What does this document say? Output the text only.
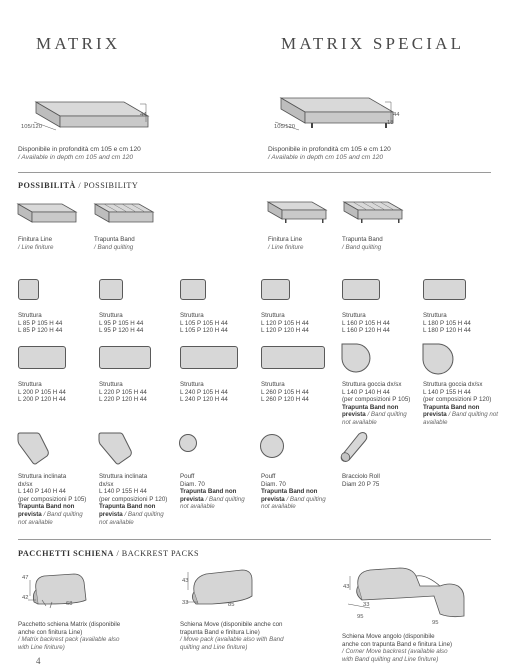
MATRIX	MATRIX SPECIAL
44
105/120
44
18
105/120
Disponibile in profondità cm 105 e cm 120
/ Available in depth cm 105 and cm 120
Disponibile in profondità cm 105 e cm 120
/ Available in depth cm 105 and cm 120
POSSIBILITÀ / POSSIBILITY
Finitura Line
/ Line finiture
Trapunta Band
/ Band quilting
Finitura Line
/ Line finiture
Trapunta Band
/ Band quilting
Struttura
L 85 P 105 H 44
L 85 P 120 H 44
Struttura
L 95 P 105 H 44
L 95 P 120 H 44
Struttura
L 105 P 105 H 44
L 105 P 120 H 44
Struttura
L 120 P 105 H 44
L 120 P 120 H 44
Struttura
L 160 P 105 H 44
L 160 P 120 H 44
Struttura
L 180 P 105 H 44
L 180 P 120 H 44
Struttura
L 200 P 105 H 44
L 200 P 120 H 44
Struttura
L 220 P 105 H 44
L 220 P 120 H 44
Struttura
L 240 P 105 H 44
L 240 P 120 H 44
Struttura
L 260 P 105 H 44
L 260 P 120 H 44
Struttura goccia dx/sx
L 140 P 140 H 44
(per composizioni P 105)
Trapunta Band non
prevista / Band quilting
not available
Struttura goccia dx/sx
L 140 P 155 H 44
(per composizioni P 120)
Trapunta Band non
prevista / Band quilting not
available
Struttura inclinata
dx/sx
L 140 P 140 H 44
(per composizioni P 105)
Trapunta Band non
prevista / Band quilting
not available
Struttura inclinata
dx/sx
L 140 P 155 H 44
(per composizioni P 120)
Trapunta Band non
prevista / Band quilting
not available
Pouff
Diam. 70
Trapunta Band non
prevista / Band quilting
not available
Pouff
Diam. 70
Trapunta Band non
prevista / Band quilting
not available
Bracciolo Roll
Diam 20 P 75
PACCHETTI SCHIENA / BACKREST PACKS
47
42
68
43
33	85
43
33
95
95
Pacchetto schiena Matrix (disponibile
anche con finitura Line)
/ Matrix backrest pack (available also
with Line finiture)
Schiena Move (disponibile anche con
trapunta Band e finitura Line)
/ Move pack (available also with Band
quilting and Line finiture)
Schiena Move angolo (disponibile
anche con trapunta Band e finitura Line)
/ Corner Move backrest (available also
with Band quilting and Line finiture)
4
